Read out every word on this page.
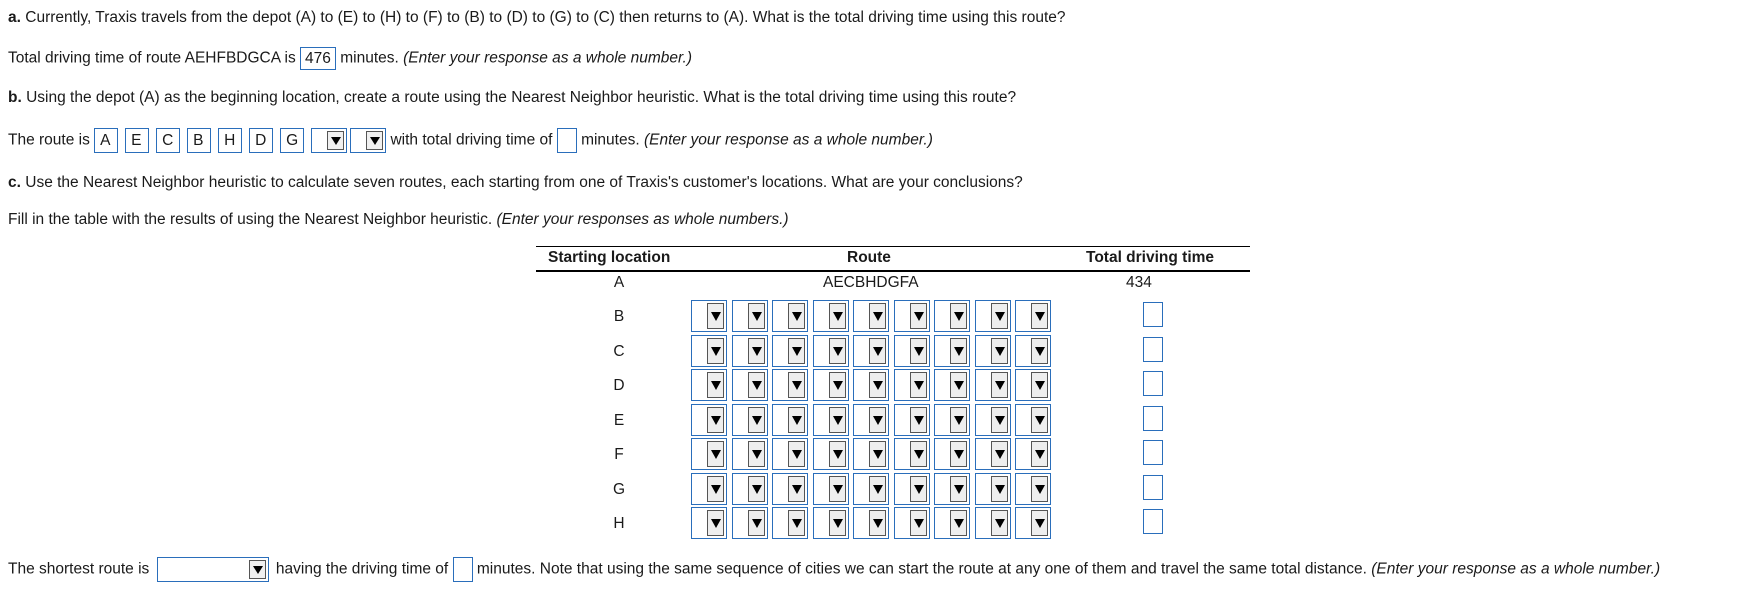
a. Currently, Traxis travels from the depot (A) to (E) to (H) to (F) to (B) to (D) to (G) to (C) then returns to (A). What is the total driving time using this route?
Total driving time of route AEHFBDGCA is 476 minutes. (Enter your response as a whole number.)
b. Using the depot (A) as the beginning location, create a route using the Nearest Neighbor heuristic. What is the total driving time using this route?
The route is A E C B H D G	with total driving time of minutes. (Enter your response as a whole number.)
c. Use the Nearest Neighbor heuristic to calculate seven routes, each starting from one of Traxis's customer's locations. What are your conclusions?
Fill in the table with the results of using the Nearest Neighbor heuristic. (Enter your responses as whole numbers.)
Starting location	Route	Total driving time
A	AECBHDGFA	434
B
C
D
E
F
G
H
The shortest route is	having the driving time of minutes. Note that using the same sequence of cities we can start the route at any one of them and travel the same total distance. (Enter your response as a whole number.)
